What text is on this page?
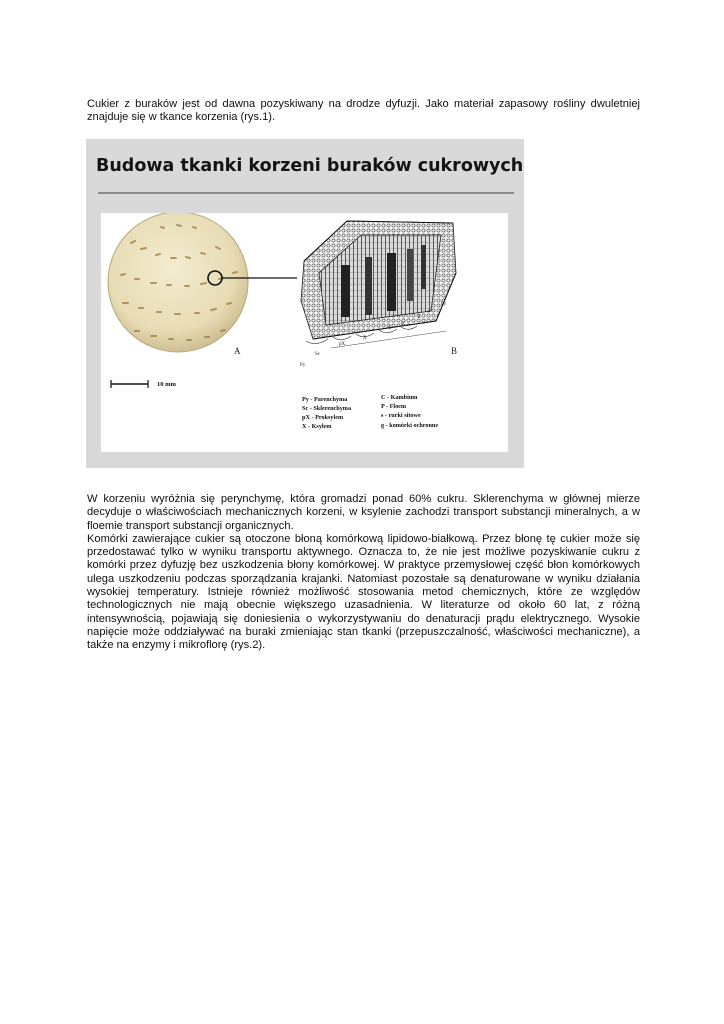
Cukier z buraków jest od dawna pozyskiwany na drodze dyfuzji. Jako materiał zapasowy rośliny dwuletniej znajduje się w tkance korzenia (rys.1).

Budowa tkanki korzeni buraków cukrowych
A
10 mm
Py
Sc
pX
X
C
P
g
s
Py
B
Py - Parenchyma
Sc - Sklerenchyma
pX - Proksylem
X - Ksylem
C - Kambium
P - Floem
s - rurki sitowe
g - komórki ochronne

W korzeniu wyróżnia się perynchymę, która gromadzi ponad 60% cukru. Sklerenchyma w głównej mierze decyduje o właściwościach mechanicznych korzeni, w ksylenie zachodzi transport substancji mineralnych, a w floemie transport substancji organicznych.

Komórki zawierające cukier są otoczone błoną komórkową lipidowo-białkową. Przez błonę tę cukier może się przedostawać tylko w wyniku transportu aktywnego. Oznacza to, że nie jest możliwe pozyskiwanie cukru z komórki przez dyfuzję bez uszkodzenia błony komórkowej. W praktyce przemysłowej część błon komórkowych ulega uszkodzeniu podczas sporządzania krajanki. Natomiast pozostałe są denaturowane w wyniku działania wysokiej temperatury. Istnieje również możliwość stosowania metod chemicznych, które ze względów technologicznych nie mają obecnie większego uzasadnienia. W literaturze od około 60 lat, z różną intensywnością, pojawiają się doniesienia o wykorzystywaniu do denaturacji prądu elektrycznego. Wysokie napięcie może oddziaływać na buraki zmieniając stan tkanki (przepuszczalność, właściwości mechaniczne), a także na enzymy i mikroflorę (rys.2).
